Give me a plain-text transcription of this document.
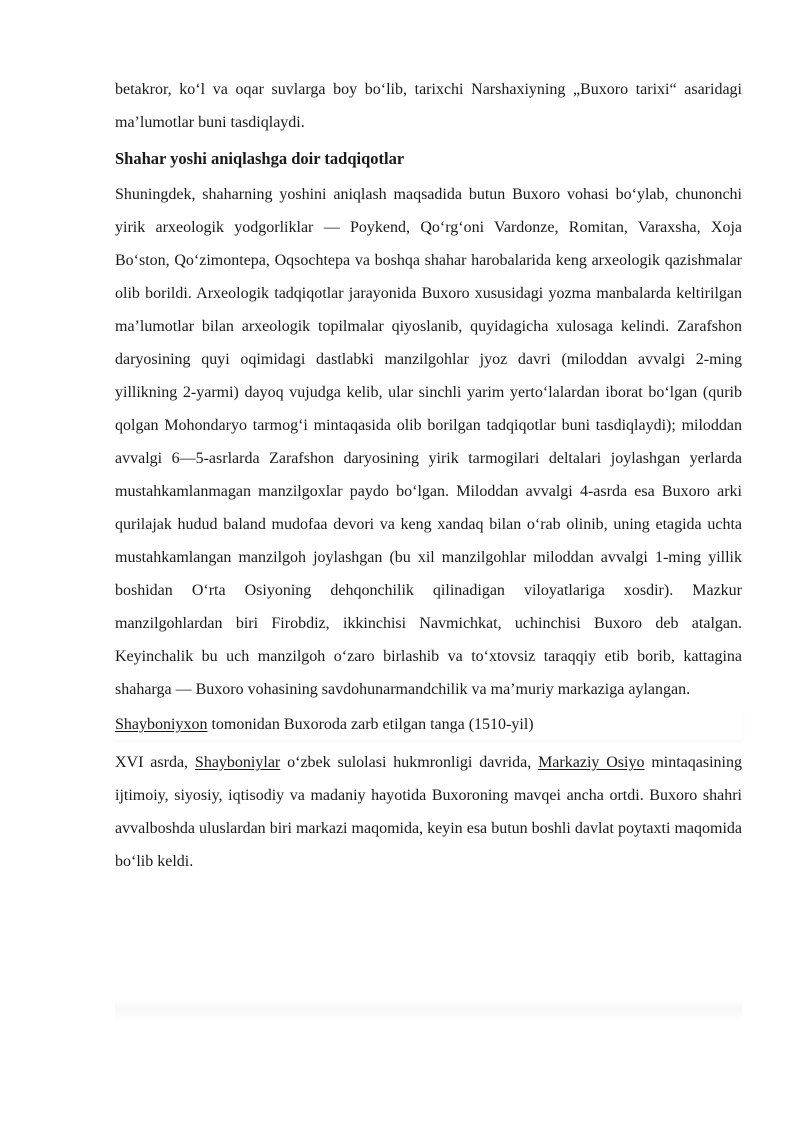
betakror, ko‘l va oqar suvlarga boy bo‘lib, tarixchi Narshaxiyning „Buxoro tarixi“ asaridagi ma’lumotlar buni tasdiqlaydi.

Shahar yoshi aniqlashga doir tadqiqotlar

Shuningdek, shaharning yoshini aniqlash maqsadida butun Buxoro vohasi bo‘ylab, chunonchi yirik arxeologik yodgorliklar — Poykend, Qo‘rg‘oni Vardonze, Romitan, Varaxsha, Xoja Bo‘ston, Qo‘zimontepa, Oqsochtepa va boshqa shahar harobalarida keng arxeologik qazishmalar olib borildi. Arxeologik tadqiqotlar jarayonida Buxoro xususidagi yozma manbalarda keltirilgan ma’lumotlar bilan arxeologik topilmalar qiyoslanib, quyidagicha xulosaga kelindi. Zarafshon daryosining quyi oqimidagi dastlabki manzilgohlar jyoz davri (miloddan avvalgi 2-ming yillikning 2-yarmi) dayoq vujudga kelib, ular sinchli yarim yerto‘lalardan iborat bo‘lgan (qurib qolgan Mohondaryo tarmog‘i mintaqasida olib borilgan tadqiqotlar buni tasdiqlaydi); miloddan avvalgi 6—5-asrlarda Zarafshon daryosining yirik tarmogilari deltalari joylashgan yerlarda mustahkamlanmagan manzilgoxlar paydo bo‘lgan. Miloddan avvalgi 4-asrda esa Buxoro arki qurilajak hudud baland mudofaa devori va keng xandaq bilan o‘rab olinib, uning etagida uchta mustahkamlangan manzilgoh joylashgan (bu xil manzilgohlar miloddan avvalgi 1-ming yillik boshidan O‘rta Osiyoning dehqonchilik qilinadigan viloyatlariga xosdir). Mazkur manzilgohlardan biri Firobdiz, ikkinchisi Navmichkat, uchinchisi Buxoro deb atalgan. Keyinchalik bu uch manzilgoh o‘zaro birlashib va to‘xtovsiz taraqqiy etib borib, kattagina shaharga — Buxoro vohasining savdohunarmandchilik va ma’muriy markaziga aylangan.

Shayboniyxon tomonidan Buxoroda zarb etilgan tanga (1510-yil)

XVI asrda, Shayboniylar o‘zbek sulolasi hukmronligi davrida, Markaziy Osiyo mintaqasining ijtimoiy, siyosiy, iqtisodiy va madaniy hayotida Buxoroning mavqei ancha ortdi. Buxoro shahri avvalboshda uluslardan biri markazi maqomida, keyin esa butun boshli davlat poytaxti maqomida bo‘lib keldi.
